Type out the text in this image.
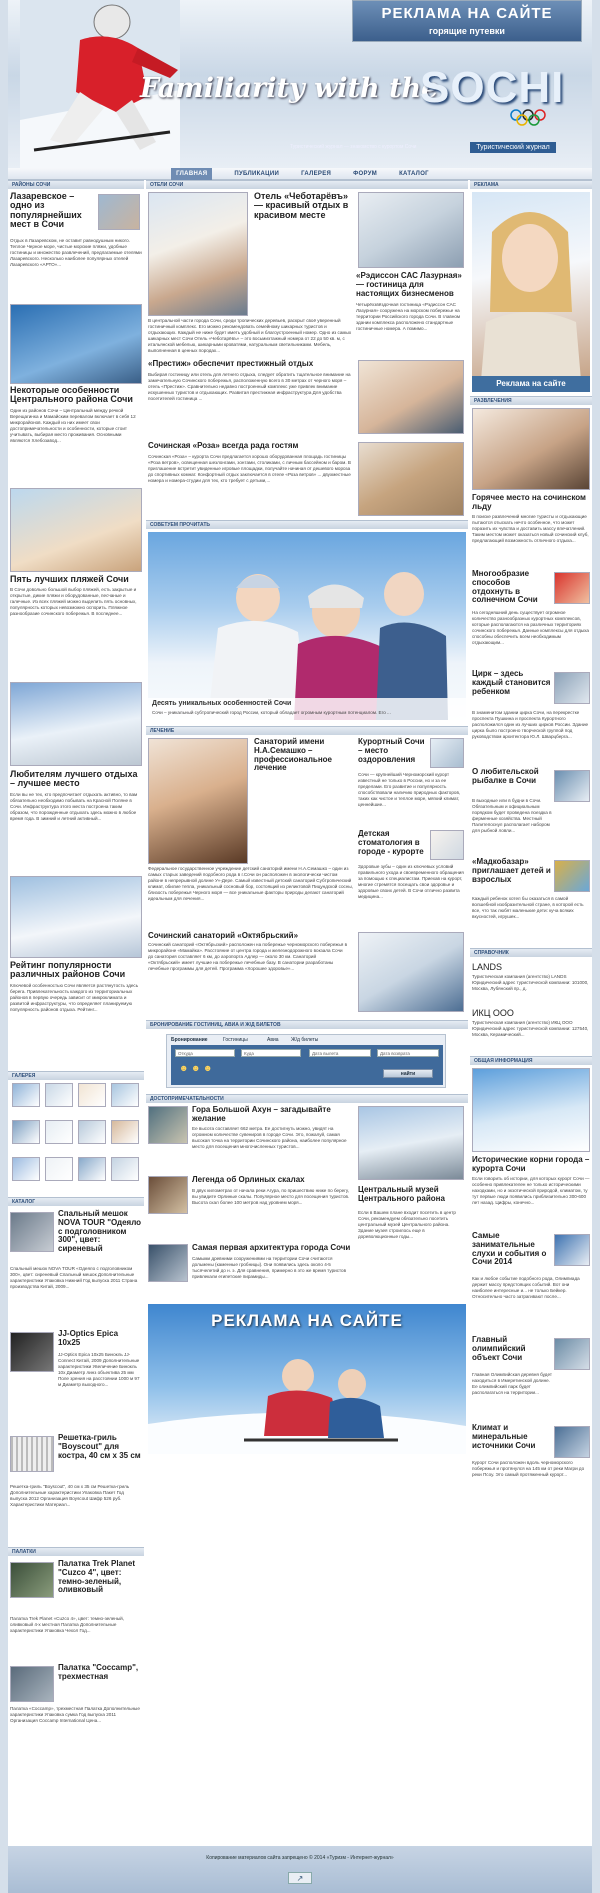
РЕКЛАМА НА САЙТЕ
горящие путевки
Familiarity with the
SOCHI
Туристический журнал — знакомство с курортом Сочи	Туристический журнал
ГЛАВНАЯ	ПУБЛИКАЦИИ	ГАЛЕРЕЯ	ФОРУМ	КАТАЛОГ
РАЙОНЫ СОЧИ
Лазаревское – одно из популярнейших мест в Сочи
Отдых в Лазаревском, не оставит равнодушным никого. Теплое Черное море, чистые морские пляжи, удобные гостиницы и множество развлечений, предлагаемые отелями Лазаревского. Несколько наиболее популярных отелей Лазаревского «АРТО»...
Некоторые особенности Центрального района Сочи
Один из районов Сочи – Центральный между речкой Верещагинка и Мамайским перевалом включает в себя 12 микрорайонов. Каждый из них имеет свои достопримечательности и особенности, которые стоит учитывать, выбирая место проживания. Основными являются Хлебозавод...
Пять лучших пляжей Сочи
В Сочи довольно большой выбор пляжей, есть закрытые и открытые, дикие пляжи и оборудованные, песчаные и галечные. Из всех пляжей можно выделить пять основных, популярность которых невозможно оспорить. Пляжное разнообразие сочинского побережья. В последнее...
Любителям лучшего отдыха – лучшее место
Если вы не тех, кто предпочитает отдыхать активно, то вам обязательно необходимо побывать на Красной Поляне в Сочи. Инфраструктура этого места построена таким образом, что порожденные отдыхать здесь можно в любое время года. В зимний и летний активный...
Рейтинг популярности различных районов Сочи
Ключевой особенностью Сочи является растянутость здесь берега. Привлекательность каждого из территориальных районов в первую очередь зависит от микроклимата и развитой инфраструктуры, что определяет планируемую популярность районов отдыха. Рейтинг...
ГАЛЕРЕЯ
КАТАЛОГ
Спальный мешок NOVA TOUR "Одеяло с подголовником 300", цвет: сиреневый
Спальный мешок NOVA TOUR «Одеяло с подголовником 300», цвет: сиреневый Спальный мешок Дополнительные характеристики Упаковка Нижний Год выпуска 2011 Страна производства Китай, 2009...
JJ-Optics Epica 10х25
JJ-Optics Epica 10х25 Бинокль JJ-Connect Китай, 2009 Дополнительные характеристики Увеличение Бинокль 10х Диаметр линз объектива 25 мм Поле зрения на расстоянии 1000 м 97 м Диаметр выходного...
Решетка-гриль "Boyscout" для костра, 40 см х 35 см
Решетка-гриль "Boyscout", 40 см х 35 см Решетка-гриль Дополнительные характеристики Упаковка Пакет Год выпуска 2012 Организация Boyscout Шифр 526 руб. Характеристики Материал...
ПАЛАТКИ
Палатка Trek Planet "Cuzco 4", цвет: темно-зеленый, оливковый
Палатка Trek Planet «Cuzco 4», цвет: темно-зеленый, оливковый 4-х местная Палатка Дополнительные характеристики Упаковка Чехол Год...
Палатка "Coccamp", трехместная
Палатка «Coccamp», трехместная Палатка Дополнительные характеристики Упаковка сумка Год выпуска 2011 Организация Coccamp International Цена...
ОТЕЛИ СОЧИ
Отель «Чеботарёвъ» — красивый отдых в красивом месте
В центральной части города Сочи, среди тропических деревьев, раскрыт своё уверенный гостиничный комплекс. Его можно рекомендовать семейному шикарных туристов и отдыхающих. Каждый не ниже будет иметь удобный и благоустроенный номер. Одно из самых шикарных мест Сочи Отель «Чеботарёвъ» – это восьмиэтажный номера от 22 до 50 кв. м, с итальянской мебелью, шикарными кроватями, натуральным светильниками. Мебель, выполненная в ценных породах...
«Рэдиссон САС Лазурная» — гостиница для настоящих бизнесменов
Четырёхзвёздочная гостиница «Рэдиссон САС Лазурная» сооружена на морском побережье на территории Российского города Сочи. В главном здании комплекса расположено стандартные гостиничные номера. А помимо...
«Престиж» обеспечит престижный отдых
Выбирая гостиницу или отель для летнего отдыха, следует обратить тщательное внимание на замечательную Сочинского побережья, расположенную всего в 30 метрах от черного моря – отель «Престиж». Сравнительно недавно построенный комплекс уже привлек внимание искушенных туристов и отдыхающих. Развитая престижная инфраструктура Для удобства посетителей гостиница ...
Сочинская «Роза» всегда рада гостям
Сочинская «Роза» – курорта Сочи предлагается хорошо оборудованная площадь гостиницы «Роза ветров», освещенная шезлонгами, зонтами, столиками, с личным бассейном и баром. В приглашение встретит увиденные игровые площадки, получайте начиная от дешевого мороза до спортивных комнат. Конфортный отдых заключается в отеле «Роза ветров» ... двухместные номера и номера-студии для тех, кто требует с детьми,...
СОВЕТУЕМ ПРОЧИТАТЬ
Десять уникальных особенностей Сочи
Сочи – уникальный субтропический город России, который обладает огромным курортным потенциалом. Его ...
ЛЕЧЕНИЕ
Санаторий имени Н.А.Семашко – профессиональное лечение
Федеральное государственное учреждение детский санаторий имени Н.А.Семашко – один из самых старых заведений подобного рода в г.Сочи он расположен в экологически чистом районе в непрерывной долине У»-Дере. Самый известный детский санаторий Субтропический климат, обилие тепла, уникальный сосновый бор, состоящий из реликтовой Пицундской сосны, близость побережья Черного моря — все уникальные факторы природы делают санаторий идеальным для лечения...
Курортный Сочи – место оздоровления
Сочи — крупнейший Черноморский курорт известный не только в России, но и за ее пределами. Его развитие и популярность способствовали наличию природных факторов, таких как чистое и теплое море, мягкий климат, ценнейшие...
Детская стоматология в городе - курорте
Здоровые зубы – один из ключевых условий правильного ухода и своевременного обращения за помощью к специалистам. Приехав на курорт, многие стремятся посещать свои здоровье и здоровые своих детей. В Сочи отлично развита медицина...
Сочинский санаторий «Октябрьский»
Сочинский санаторий «Октябрьский» расположен на побережье черноморского побережья в микрорайоне «Мамайка». Расстояние от центра города и железнодорожного вокзала Сочи до санатория составляет 6 км, до аэропорта Адлер — около 30 км. Санаторий «Октябрьский» имеет лучшие на побережье лечебные базу. В санатории разработаны лечебные программы для детей. Программа «Хорошее здоровье»...
БРОНИРОВАНИЕ ГОСТИНИЦ, АВИА И Ж/Д БИЛЕТОВ
Бронирование	Гостиницы	Авиа Ж/д билеты
Откуда	Куда	Дата вылета	Дата возврата
☻ ☻ ☻
найти
ДОСТОПРИМЕЧАТЕЛЬНОСТИ
Гора Большой Ахун – загадывайте желание
Ее высота составляет 662 метра. Ее достигнуть можно, увидят на огромном количестве сувениров в городе Сочи. Это, пожалуй, самая высокая точка на территории Сочинского района, наиболее популярное место для посещения многочисленных туристов...
Легенда об Орлиных скалах
В двух километрах от начала реки Агура, по пришествию ниже по берегу, вы увидите Орлиные скалы. Популярное место для посещения туристов. Высота скал более 100 метров над уровнем моря...
Центральный музей Центрального района
Если в Вашем плане входит посетить в центр Сочи, рекомендуем обязательно посетить центральный музей Центрального района. Здание музея строилось еще в дореволюционные годы...
Самая первая архитектура города Сочи
Самыми древними сооружениями на территории Сочи считаются дольмены (каменные гробницы). Они появились здесь около 4-5 тысячелетий до н. э. Для сравнения, примерно в это же время туристов привлекали египетские пирамиды...
РЕКЛАМА НА САЙТЕ
РЕКЛАМА
Реклама на сайте
РАЗВЛЕЧЕНИЯ
Горячее место на сочинском льду
В поиске развлечений многие туристы и отдыхающие пытаются отыскать нечто особенное, что может поразить их чувства и доставить массу впечатлений. Таким местом может оказаться новый сочинский клуб, предлагающий возможность отличного отдыха...
Многообразие способов отдохнуть в солнечном Сочи
На сегодняшний день существует огромное количество разнообразных курортных комплексов, которые располагаются на различных территориях сочинского побережья. Данные комплексы для отдыха способны обеспечить всем необходимым отдыхающим...
Цирк – здесь каждый становится ребенком
В знаменитом здании цирка Сочи, на перекрестке проспекта Пушкина и проспекта Курортного расположился один из лучших цирков России. Здание цирка было построено творческой группой под руководством архитектора Ю.Л. Шварцберга...
О любительской рыбалке в Сочи
В выходные или в будни в Сочи. Обязательным и официальным порядком будет проведена поездка в ферменные хозяйства. Местный Палитепоснул располагает набором для рыбной ловли...
«Мадкобазар» приглашает детей и взрослых
Каждый ребенок хотел бы оказаться в самой волшебной изобразительной стране, в которой есть все, что так любят маленькие дети: куча всяких вкусностей, игрушек...
СПРАВОЧНИК
LANDS
Туристическая компания (агентство) LANDS Юридический адрес туристической компании: 101000, Москва, Лубянский пр., д.
ИКЦ ООО
Туристическая компания (агентство) ИКЦ ООО Юридический адрес туристической компании: 127540, Москва, Керамический...
ОБЩАЯ ИНФОРМАЦИЯ
Исторические корни города – курорта Сочи
Если говорить об истории, для которых курорт Сочи — особенно привлекателен не только историческими находками, но и экзотической природой, климатом, ту тут первые люди появились приблизительно 300-600 лет назад. Цифры, конечно...
Самые занимательные слухи и события о Сочи 2014
Как и любое событие подобного рода, Олимпиада держит массу предстоящих событий. Вот они наиболее интересные и... не только Бейкер. Относительно часто затрагивают после...
Главный олимпийский объект Сочи
Главная Олимпийская деревня будет находиться в Имеретинской долине. Ее олимпийский парк будет располагаться на территории...
Климат и минеральные источники Сочи
Курорт Сочи расположен вдоль черноморского побережья и протянулся на 145 км от реки Магри до реки Псоу. Это самый протяженный курорт...
Копирование материалов сайта запрещено © 2014 «Туризм - Интернет-журнал»
↗
